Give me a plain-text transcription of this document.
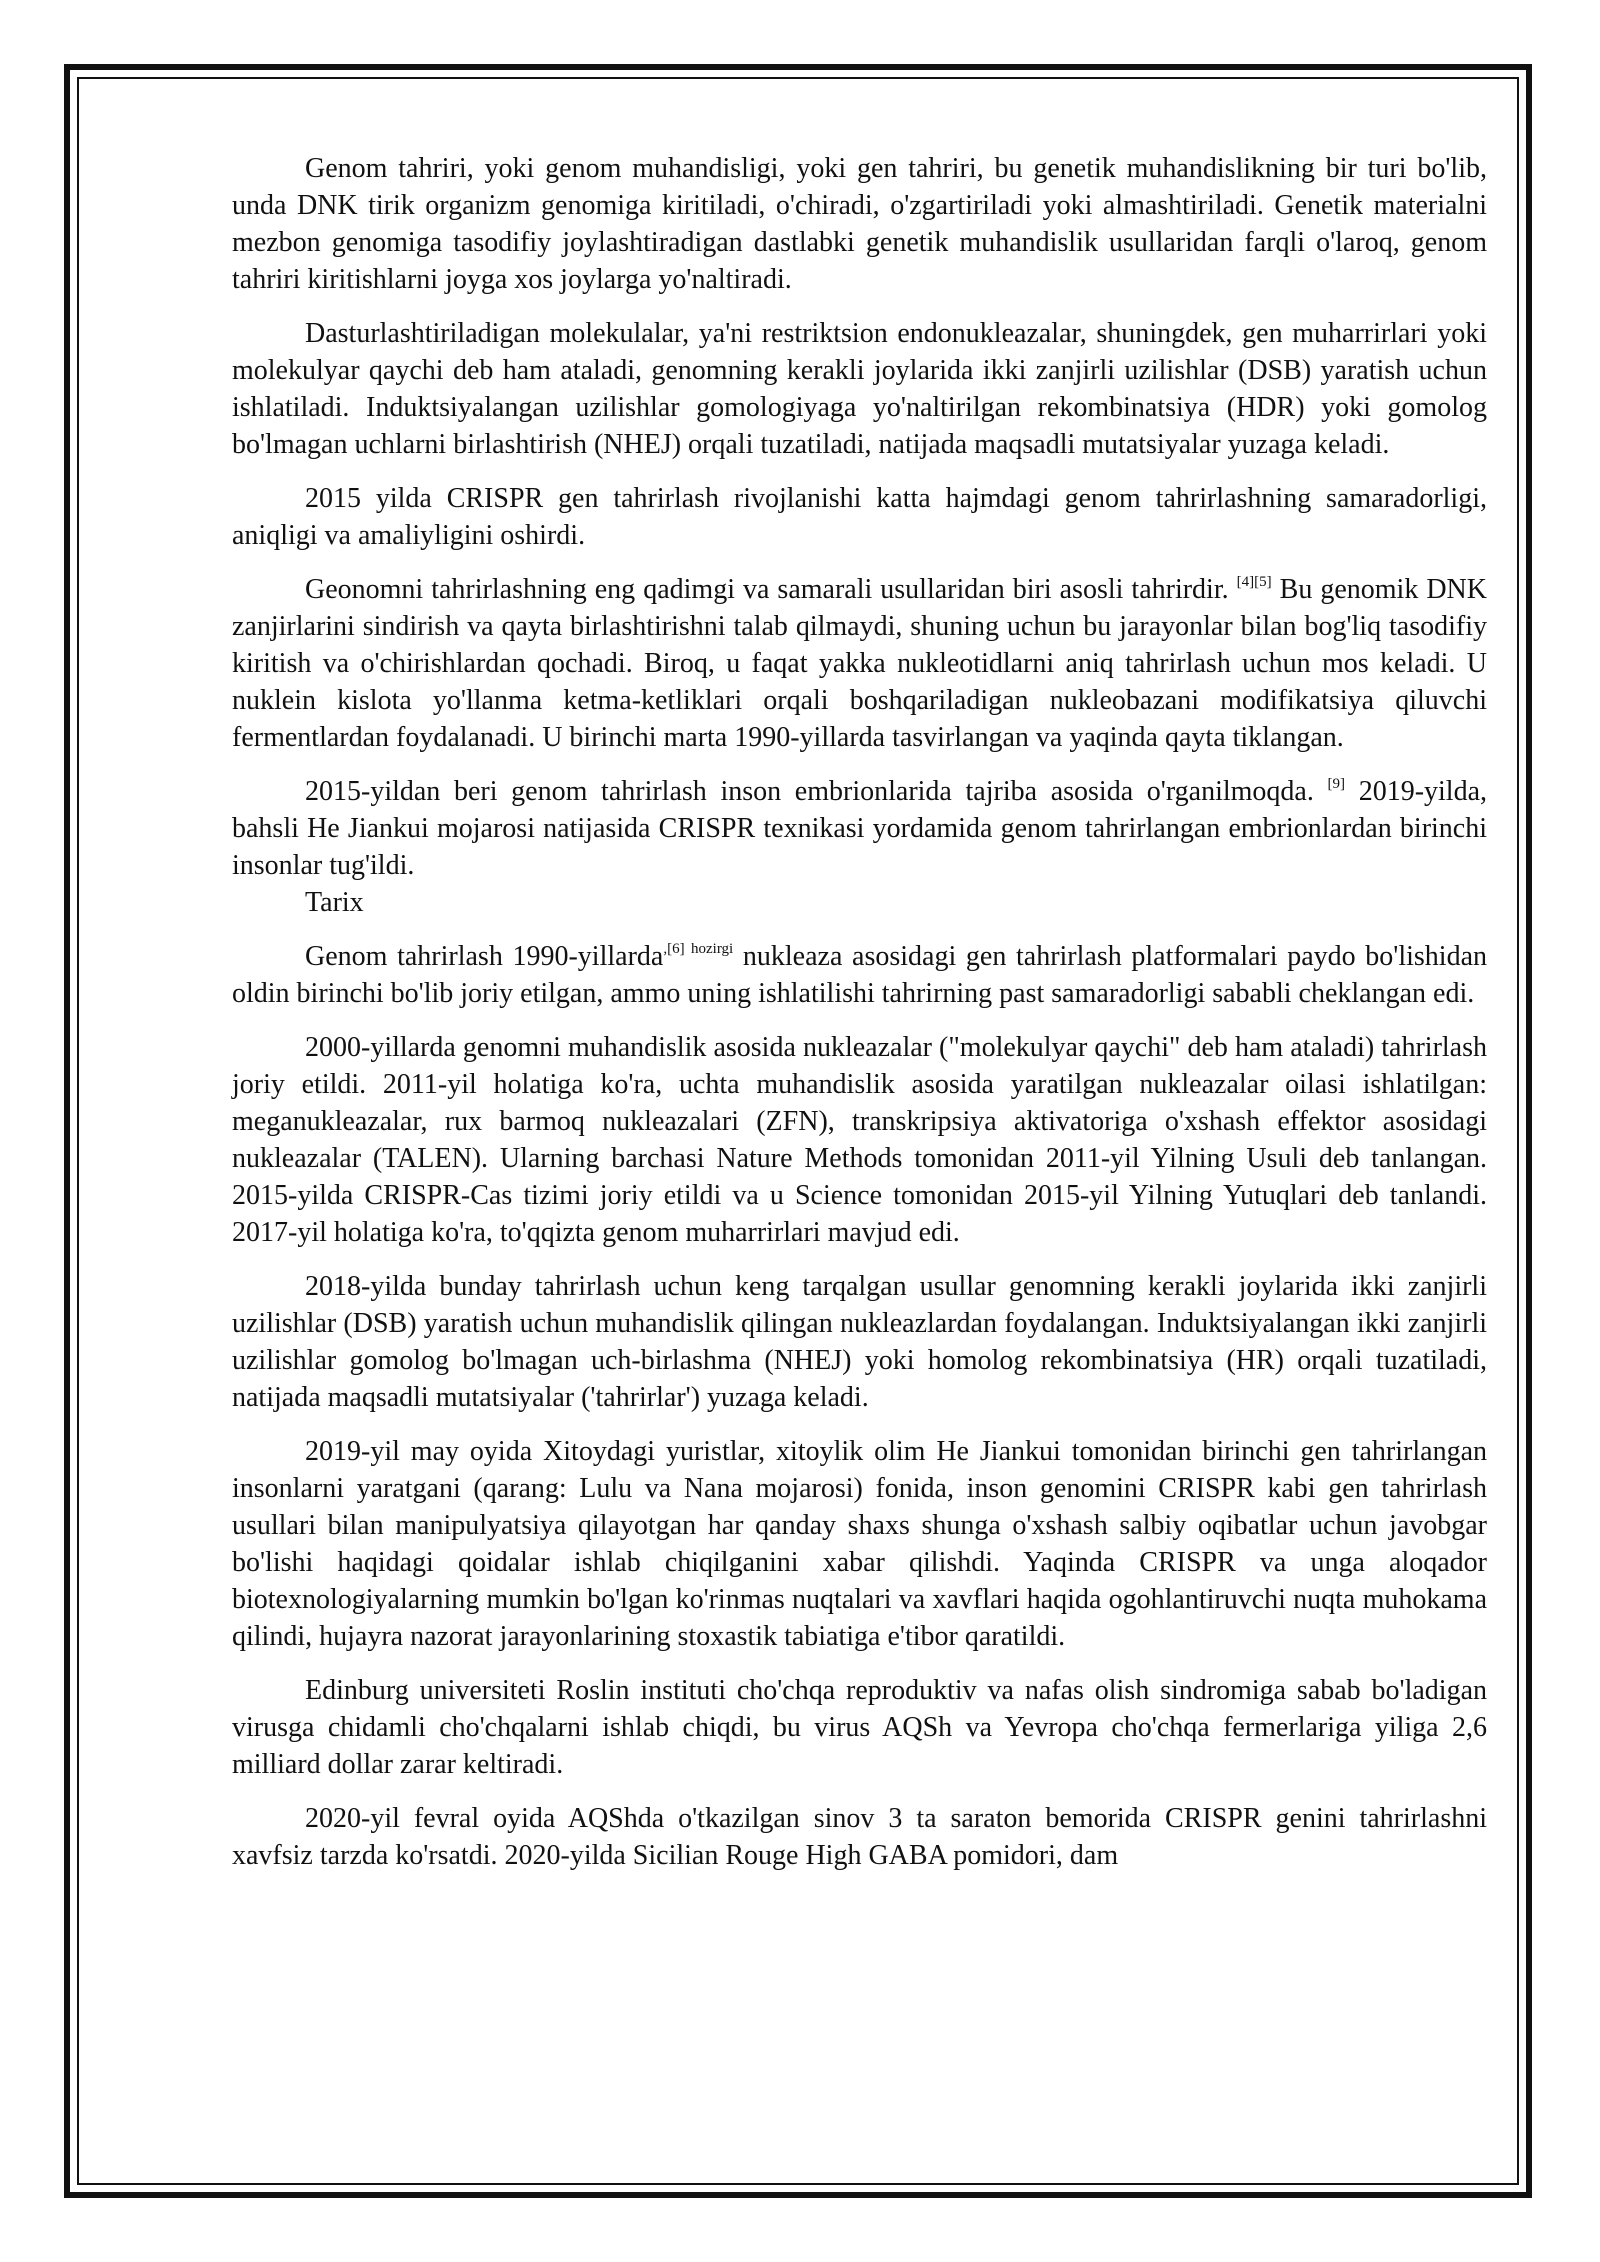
Genom tahriri, yoki genom muhandisligi, yoki gen tahriri, bu genetik muhandislikning bir turi bo'lib, unda DNK tirik organizm genomiga kiritiladi, o'chiradi, o'zgartiriladi yoki almashtiriladi. Genetik materialni mezbon genomiga tasodifiy joylashtiradigan dastlabki genetik muhandislik usullaridan farqli o'laroq, genom tahriri kiritishlarni joyga xos joylarga yo'naltiradi.

Dasturlashtiriladigan molekulalar, ya'ni restriktsion endonukleazalar, shuningdek, gen muharrirlari yoki molekulyar qaychi deb ham ataladi, genomning kerakli joylarida ikki zanjirli uzilishlar (DSB) yaratish uchun ishlatiladi. Induktsiyalangan uzilishlar gomologiyaga yo'naltirilgan rekombinatsiya (HDR) yoki gomolog bo'lmagan uchlarni birlashtirish (NHEJ) orqali tuzatiladi, natijada maqsadli mutatsiyalar yuzaga keladi.

2015 yilda CRISPR gen tahrirlash rivojlanishi katta hajmdagi genom tahrirlashning samaradorligi, aniqligi va amaliyligini oshirdi.

Geonomni tahrirlashning eng qadimgi va samarali usullaridan biri asosli tahrirdir. [4][5] Bu genomik DNK zanjirlarini sindirish va qayta birlashtirishni talab qilmaydi, shuning uchun bu jarayonlar bilan bog'liq tasodifiy kiritish va o'chirishlardan qochadi. Biroq, u faqat yakka nukleotidlarni aniq tahrirlash uchun mos keladi. U nuklein kislota yo'llanma ketma-ketliklari orqali boshqariladigan nukleobazani modifikatsiya qiluvchi fermentlardan foydalanadi. U birinchi marta 1990-yillarda tasvirlangan va yaqinda qayta tiklangan.

2015-yildan beri genom tahrirlash inson embrionlarida tajriba asosida o'rganilmoqda. [9] 2019-yilda, bahsli He Jiankui mojarosi natijasida CRISPR texnikasi yordamida genom tahrirlangan embrionlardan birinchi insonlar tug'ildi.

Tarix

Genom tahrirlash 1990-yillarda$^{,[6] hozirgi}$ nukleaza asosidagi gen tahrirlash platformalari paydo bo'lishidan oldin birinchi bo'lib joriy etilgan, ammo uning ishlatilishi tahrirning past samaradorligi sababli cheklangan edi.

2000-yillarda genomni muhandislik asosida nukleazalar ("molekulyar qaychi" deb ham ataladi) tahrirlash joriy etildi. 2011-yil holatiga ko'ra, uchta muhandislik asosida yaratilgan nukleazalar oilasi ishlatilgan: meganukleazalar, rux barmoq nukleazalari (ZFN), transkripsiya aktivatoriga o'xshash effektor asosidagi nukleazalar (TALEN). Ularning barchasi Nature Methods tomonidan 2011-yil Yilning Usuli deb tanlangan. 2015-yilda CRISPR-Cas tizimi joriy etildi va u Science tomonidan 2015-yil Yilning Yutuqlari deb tanlandi. 2017-yil holatiga ko'ra, to'qqizta genom muharrirlari mavjud edi.

2018-yilda bunday tahrirlash uchun keng tarqalgan usullar genomning kerakli joylarida ikki zanjirli uzilishlar (DSB) yaratish uchun muhandislik qilingan nukleazlardan foydalangan. Induktsiyalangan ikki zanjirli uzilishlar gomolog bo'lmagan uch-birlashma (NHEJ) yoki homolog rekombinatsiya (HR) orqali tuzatiladi, natijada maqsadli mutatsiyalar ('tahrirlar') yuzaga keladi.

2019-yil may oyida Xitoydagi yuristlar, xitoylik olim He Jiankui tomonidan birinchi gen tahrirlangan insonlarni yaratgani (qarang: Lulu va Nana mojarosi) fonida, inson genomini CRISPR kabi gen tahrirlash usullari bilan manipulyatsiya qilayotgan har qanday shaxs shunga o'xshash salbiy oqibatlar uchun javobgar bo'lishi haqidagi qoidalar ishlab chiqilganini xabar qilishdi. Yaqinda CRISPR va unga aloqador biotexnologiyalarning mumkin bo'lgan ko'rinmas nuqtalari va xavflari haqida ogohlantiruvchi nuqta muhokama qilindi, hujayra nazorat jarayonlarining stoxastik tabiatiga e'tibor qaratildi.

Edinburg universiteti Roslin instituti cho'chqa reproduktiv va nafas olish sindromiga sabab bo'ladigan virusga chidamli cho'chqalarni ishlab chiqdi, bu virus AQSh va Yevropa cho'chqa fermerlariga yiliga 2,6 milliard dollar zarar keltiradi.

2020-yil fevral oyida AQShda o'tkazilgan sinov 3 ta saraton bemorida CRISPR genini tahrirlashni xavfsiz tarzda ko'rsatdi. 2020-yilda Sicilian Rouge High GABA pomidori, dam
